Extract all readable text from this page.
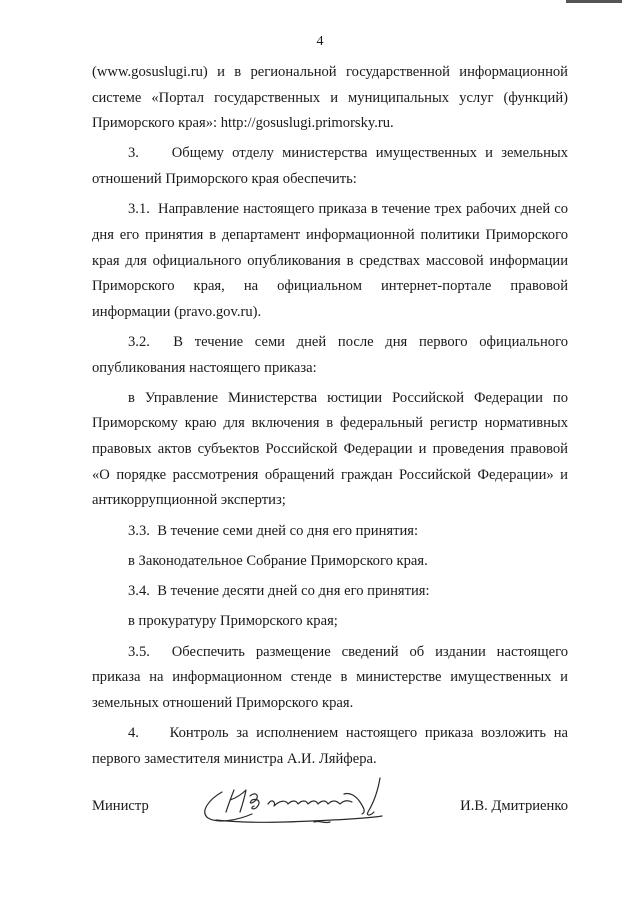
4

(www.gosuslugi.ru) и в региональной государственной информационной системе «Портал государственных и муниципальных услуг (функций) Приморского края»: http://gosuslugi.primorsky.ru.

3.    Общему отделу министерства имущественных и земельных отношений Приморского края обеспечить:

3.1.  Направление настоящего приказа в течение трех рабочих дней со дня его принятия в департамент информационной политики Приморского края для официального опубликования в средствах массовой информации Приморского края, на официальном интернет-портале правовой информации (pravo.gov.ru).

3.2.  В течение семи дней после дня первого официального опубликования настоящего приказа:

в Управление Министерства юстиции Российской Федерации по Приморскому краю для включения в федеральный регистр нормативных правовых актов субъектов Российской Федерации и проведения правовой «О порядке рассмотрения обращений граждан Российской Федерации» и антикоррупционной экспертиз;

3.3.  В течение семи дней со дня его принятия:

в Законодательное Собрание Приморского края.

3.4.  В течение десяти дней со дня его принятия:

в прокуратуру Приморского края;

3.5.  Обеспечить размещение сведений об издании настоящего приказа на информационном стенде в министерстве имущественных и земельных отношений Приморского края.

4.    Контроль за исполнением настоящего приказа возложить на первого заместителя министра А.И. Ляйфера.

Министр	И.В. Дмитриенко
